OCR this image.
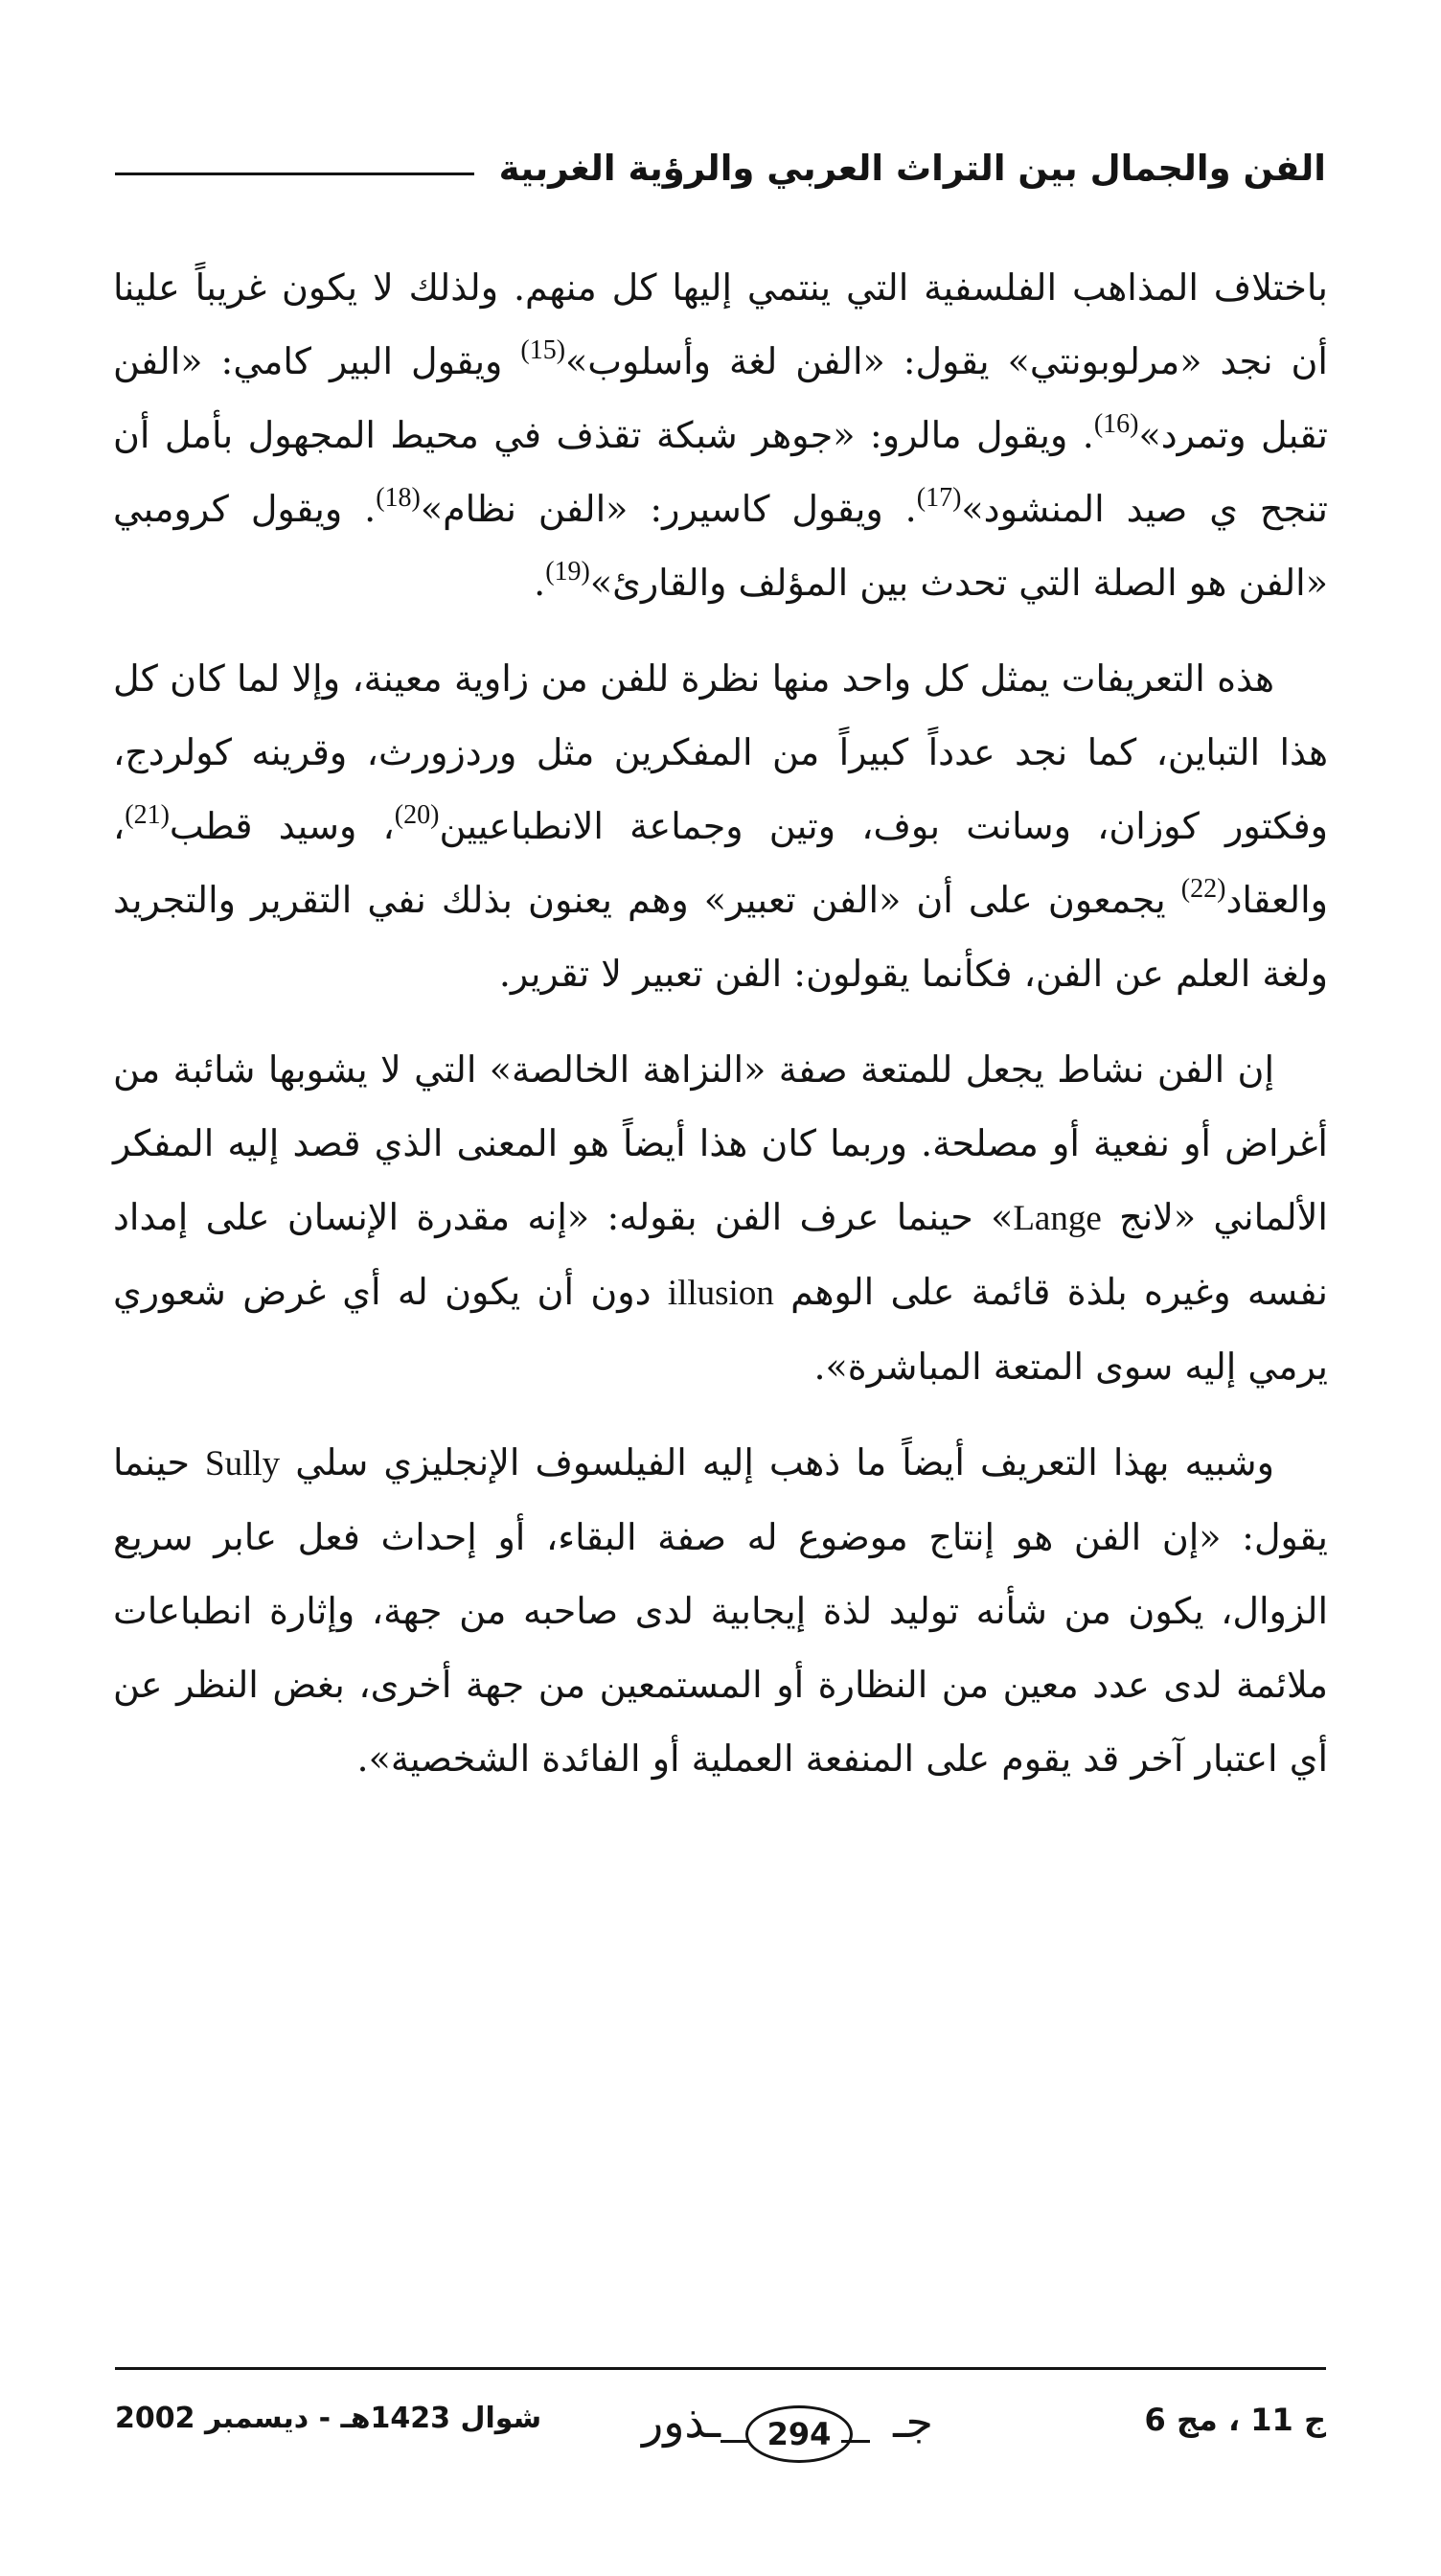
الفن والجمال بين التراث العربي والرؤية الغربية

باختلاف المذاهب الفلسفية التي ينتمي إليها كل منهم. ولذلك لا يكون غريباً علينا أن نجد «مرلوبونتي» يقول: «الفن لغة وأسلوب»$^{(15)}$ ويقول البير كامي: «الفن تقبل وتمرد»$^{(16)}$. ويقول مالرو: «جوهر شبكة تقذف في محيط المجهول بأمل أن تنجح ي صيد المنشود»$^{(17)}$. ويقول كاسيرر: «الفن نظام»$^{(18)}$. ويقول كرومبي «الفن هو الصلة التي تحدث بين المؤلف والقارئ»$^{(19)}$.

هذه التعريفات يمثل كل واحد منها نظرة للفن من زاوية معينة، وإلا لما كان كل هذا التباين، كما نجد عدداً كبيراً من المفكرين مثل وردزورث، وقرينه كولردج، وفكتور كوزان، وسانت بوف، وتين وجماعة الانطباعيين$^{(20)}$، وسيد قطب$^{(21)}$، والعقاد$^{(22)}$ يجمعون على أن «الفن تعبير» وهم يعنون بذلك نفي التقرير والتجريد ولغة العلم عن الفن، فكأنما يقولون: الفن تعبير لا تقرير.

إن الفن نشاط يجعل للمتعة صفة «النزاهة الخالصة» التي لا يشوبها شائبة من أغراض أو نفعية أو مصلحة. وربما كان هذا أيضاً هو المعنى الذي قصد إليه المفكر الألماني «لانج Lange» حينما عرف الفن بقوله: «إنه مقدرة الإنسان على إمداد نفسه وغيره بلذة قائمة على الوهم illusion دون أن يكون له أي غرض شعوري يرمي إليه سوى المتعة المباشرة».

وشبيه بهذا التعريف أيضاً ما ذهب إليه الفيلسوف الإنجليزي سلي Sully حينما يقول: «إن الفن هو إنتاج موضوع له صفة البقاء، أو إحداث فعل عابر سريع الزوال، يكون من شأنه توليد لذة إيجابية لدى صاحبه من جهة، وإثارة انطباعات ملائمة لدى عدد معين من النظارة أو المستمعين من جهة أخرى، بغض النظر عن أي اعتبار آخر قد يقوم على المنفعة العملية أو الفائدة الشخصية».

ج 11 ، مج 6
ـذور 294 جـ
شوال 1423هـ - ديسمبر 2002
